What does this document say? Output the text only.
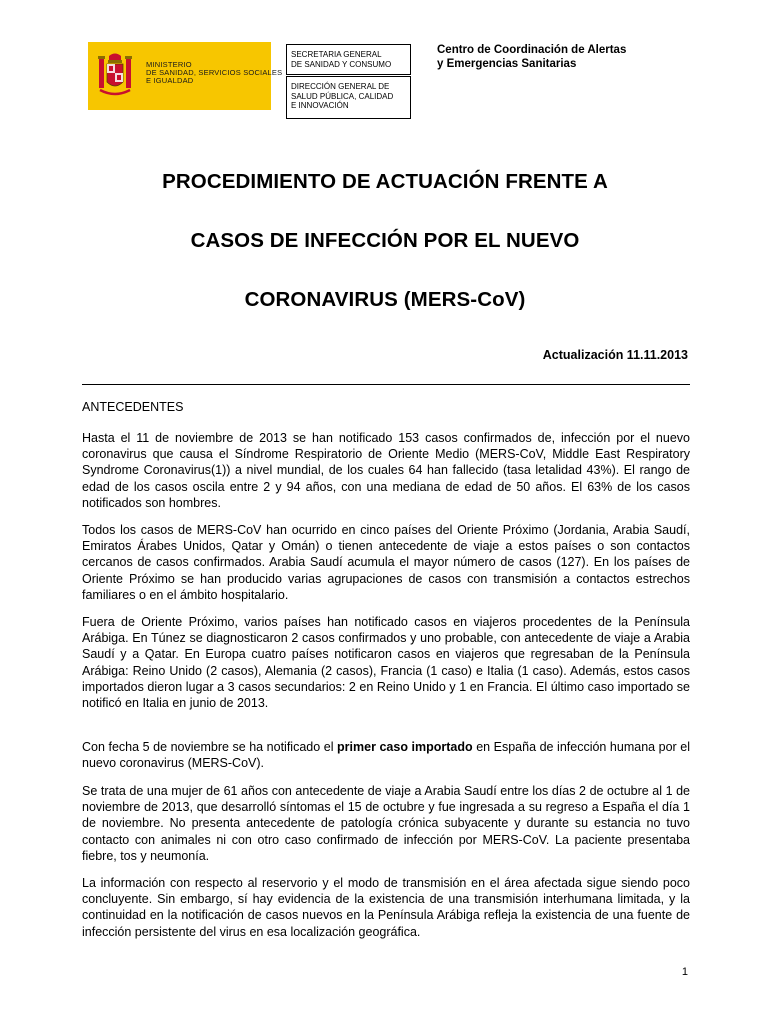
MINISTERIO
DE SANIDAD, SERVICIOS SOCIALES
E IGUALDAD
SECRETARIA GENERAL
DE SANIDAD Y CONSUMO
DIRECCIÓN GENERAL DE
SALUD PÚBLICA, CALIDAD
E INNOVACIÓN
Centro de Coordinación de Alertas
y Emergencias Sanitarias
PROCEDIMIENTO DE ACTUACIÓN FRENTE A
CASOS DE INFECCIÓN POR EL NUEVO
CORONAVIRUS (MERS-CoV)
Actualización 11.11.2013
ANTECEDENTES

Hasta el 11 de noviembre de 2013 se han notificado 153 casos confirmados de, infección por el nuevo coronavirus que causa el Síndrome Respiratorio de Oriente Medio (MERS-CoV, Middle East Respiratory Syndrome Coronavirus(1)) a nivel mundial, de los cuales 64 han fallecido (tasa letalidad 43%). El rango de edad de los casos oscila entre 2 y 94 años, con una mediana de edad de 50 años. El 63% de los casos notificados son hombres.

Todos los casos de MERS-CoV han ocurrido en cinco países del Oriente Próximo (Jordania, Arabia Saudí, Emiratos Árabes Unidos, Qatar y Omán) o tienen antecedente de viaje a estos países o son contactos cercanos de casos confirmados. Arabia Saudí acumula el mayor número de casos (127). En los países de Oriente Próximo se han producido varias agrupaciones de casos con transmisión a contactos estrechos familiares o en el ámbito hospitalario.

Fuera de Oriente Próximo, varios países han notificado casos en viajeros procedentes de la Península Arábiga. En Túnez se diagnosticaron 2 casos confirmados y uno probable, con antecedente de viaje a Arabia Saudí y a Qatar. En Europa cuatro países notificaron casos en viajeros que regresaban de la Península Arábiga: Reino Unido (2 casos), Alemania (2 casos), Francia (1 caso) e Italia (1 caso). Además, estos casos importados dieron lugar a 3 casos secundarios: 2 en Reino Unido y 1 en Francia. El último caso importado se notificó en Italia en junio de 2013.

Con fecha 5 de noviembre se ha notificado el primer caso importado en España de infección humana por el nuevo coronavirus (MERS-CoV).

Se trata de una mujer de 61 años con antecedente de viaje a Arabia Saudí entre los días 2 de octubre al 1 de noviembre de 2013, que desarrolló síntomas el 15 de octubre y fue ingresada a su regreso a España el día 1 de noviembre. No presenta antecedente de patología crónica subyacente y durante su estancia no tuvo contacto con animales ni con otro caso confirmado de infección por MERS-CoV. La paciente presentaba fiebre, tos y neumonía.

La información con respecto al reservorio y el modo de transmisión en el área afectada sigue siendo poco concluyente. Sin embargo, sí hay evidencia de la existencia de una transmisión interhumana limitada, y la continuidad en la notificación de casos nuevos en la Península Arábiga refleja la existencia de una fuente de infección persistente del virus en esa localización geográfica.

1
